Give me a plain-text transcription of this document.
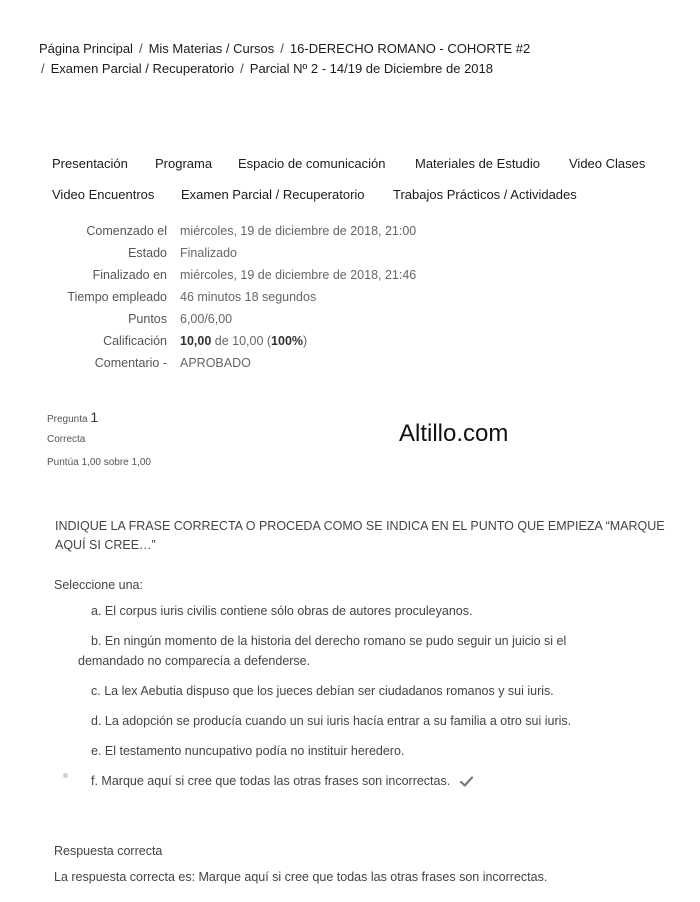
Página Principal / Mis Materias / Cursos / 16-DERECHO ROMANO - COHORTE #2
/ Examen Parcial / Recuperatorio / Parcial Nº 2 - 14/19 de Diciembre de 2018
Presentación Programa Espacio de comunicación Materiales de Estudio Video Clases
Video Encuentros Examen Parcial / Recuperatorio Trabajos Prácticos / Actividades
Comenzado el miércoles, 19 de diciembre de 2018, 21:00
Estado Finalizado
Finalizado en miércoles, 19 de diciembre de 2018, 21:46
Tiempo empleado 46 minutos 18 segundos
Puntos 6,00/6,00
Calificación 10,00 de 10,00 (100%)
Comentario - APROBADO
Pregunta 1
Correcta
Puntúa 1,00 sobre 1,00
Altillo.com
INDIQUE LA FRASE CORRECTA O PROCEDA COMO SE INDICA EN EL PUNTO QUE EMPIEZA “MARQUE AQUÍ SI CREE…”
Seleccione una:
a. El corpus iuris civilis contiene sólo obras de autores proculeyanos.
b. En ningún momento de la historia del derecho romano se pudo seguir un juicio si el
demandado no comparecía a defenderse.
c. La lex Aebutia dispuso que los jueces debían ser ciudadanos romanos y sui iuris.
d. La adopción se producía cuando un sui iuris hacía entrar a su familia a otro sui iuris.
e. El testamento nuncupativo podía no instituir heredero.
f. Marque aquí si cree que todas las otras frases son incorrectas.
Respuesta correcta
La respuesta correcta es: Marque aquí si cree que todas las otras frases son incorrectas.
